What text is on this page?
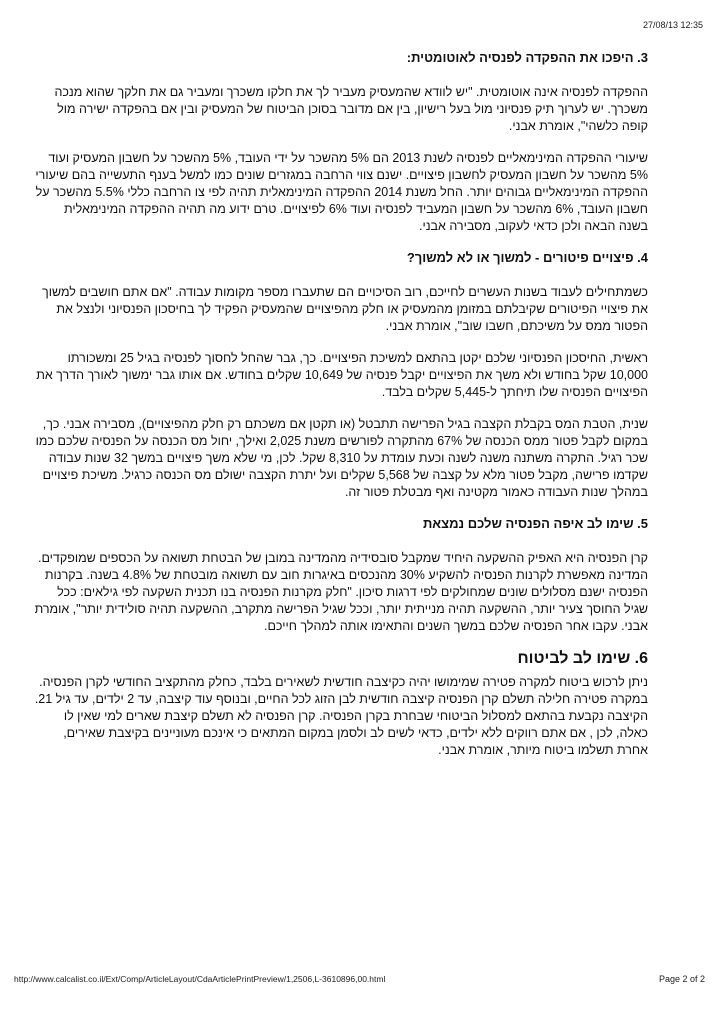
27/08/13 12:35
3. היפכו את ההפקדה לפנסיה לאוטומטית:

ההפקדה לפנסיה אינה אוטומטית. "יש לוודא שהמעסיק מעביר לך את חלקו משכרך ומעביר גם את חלקך שהוא מנכה משכרך. יש לערוך תיק פנסיוני מול בעל רישיון, בין אם מדובר בסוכן הביטוח של המעסיק ובין אם בהפקדה ישירה מול קופה כלשהי", אומרת אבני.

שיעורי ההפקדה המינימאליים לפנסיה לשנת 2013 הם 5% מהשכר על ידי העובד, 5% מהשכר על חשבון המעסיק ועוד 5% מהשכר על חשבון המעסיק לחשבון פיצויים. ישנם צווי הרחבה במגזרים שונים כמו למשל בענף התעשייה בהם שיעורי ההפקדה המינימאליים גבוהים יותר. החל משנת 2014 ההפקדה המינימאלית תהיה לפי צו הרחבה כללי 5.5% מהשכר על חשבון העובד, 6% מהשכר על חשבון המעביד לפנסיה ועוד 6% לפיצויים. טרם ידוע מה תהיה ההפקדה המינימאלית בשנה הבאה ולכן כדאי לעקוב, מסבירה אבני.

4. פיצויים פיטורים - למשוך או לא למשוך?

כשמתחילים לעבוד בשנות העשרים לחייכם, רוב הסיכויים הם שתעברו מספר מקומות עבודה. "אם אתם חושבים למשוך את פיצויי הפיטורים שקיבלתם במזומן מהמעסיק או חלק מהפיצויים שהמעסיק הפקיד לך בחיסכון הפנסיוני ולנצל את הפטור ממס על משיכתם, חשבו שוב", אומרת אבני.

ראשית, החיסכון הפנסיוני שלכם יקטן בהתאם למשיכת הפיצויים. כך, גבר שהחל לחסוך לפנסיה בגיל 25 ומשכורתו 10,000 שקל בחודש ולא משך את הפיצויים יקבל פנסיה של 10,649 שקלים בחודש. אם אותו גבר ימשוך לאורך הדרך את הפיצויים הפנסיה שלו תיחתך ל-5,445 שקלים בלבד.

שנית, הטבת המס בקבלת הקצבה בגיל הפרישה תתבטל (או תקטן אם משכתם רק חלק מהפיצויים), מסבירה אבני. כך, במקום לקבל פטור ממס הכנסה של 67% מהתקרה לפורשים משנת 2,025 ואילך, יחול מס הכנסה על הפנסיה שלכם כמו שכר רגיל. התקרה משתנה משנה לשנה וכעת עומדת על 8,310 שקל. לכן, מי שלא משך פיצויים במשך 32 שנות עבודה שקדמו פרישה, מקבל פטור מלא על קצבה של 5,568 שקלים ועל יתרת הקצבה ישולם מס הכנסה כרגיל. משיכת פיצויים במהלך שנות העבודה כאמור מקטינה ואף מבטלת פטור זה.

5. שימו לב איפה הפנסיה שלכם נמצאת

קרן הפנסיה היא האפיק ההשקעה היחיד שמקבל סובסידיה מהמדינה במובן של הבטחת תשואה על הכספים שמופקדים. המדינה מאפשרת לקרנות הפנסיה להשקיע 30% מהנכסים באיגרות חוב עם תשואה מובטחת של 4.8% בשנה. בקרנות הפנסיה ישנם מסלולים שונים שמחולקים לפי דרגות סיכון. "חלק מקרנות הפנסיה בנו תכנית השקעה לפי גילאים: ככל שגיל החוסך צעיר יותר, ההשקעה תהיה מנייתית יותר, וככל שגיל הפרישה מתקרב, ההשקעה תהיה סולידית יותר", אומרת אבני. עקבו אחר הפנסיה שלכם במשך השנים והתאימו אותה למהלך חייכם.

6. שימו לב לביטוח

ניתן לרכוש ביטוח למקרה פטירה שמימושו יהיה כקיצבה חודשית לשאירים בלבד, כחלק מהתקציב החודשי לקרן הפנסיה. במקרה פטירה חלילה תשלם קרן הפנסיה קיצבה חודשית לבן הזוג לכל החיים, ובנוסף עוד קיצבה, עד 2 ילדים, עד גיל 21. הקיצבה נקבעת בהתאם למסלול הביטוחי שבחרת בקרן הפנסיה. קרן הפנסיה לא תשלם קיצבת שארים למי שאין לו כאלה, לכן , אם אתם רווקים ללא ילדים, כדאי לשים לב ולסמן במקום המתאים כי אינכם מעוניינים בקיצבת שאירים, אחרת תשלמו ביטוח מיותר, אומרת אבני.

http://www.calcalist.co.il/Ext/Comp/ArticleLayout/CdaArticlePrintPreview/1,2506,L-3610896,00.html	Page 2 of 2
